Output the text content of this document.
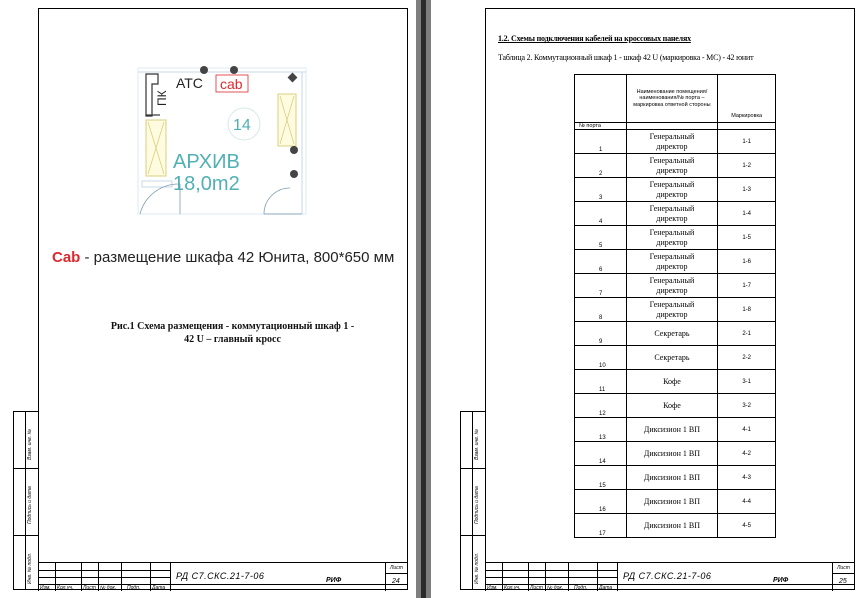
Взам. инв. №
Подпись и дата
Инв. № подл.
ПК
АТС cab
14
АРХИВ
18,0m2
Cab - размещение шкафа 42 Юнита, 800*650 мм
Рис.1 Схема размещения - коммутационный шкаф 1 -
42 U – главный кросс
Изм. Кол.уч. Лист № док. Подп. Дата
РД С7.СКС.21-7-06	РИФ
Лист
24
Взам. инв. №
Подпись и дата
Инв. № подл.
1.2. Схемы подключения кабелей на кроссовых панелях
Таблица 2. Коммутационный шкаф 1 - шкаф 42 U (маркировка - МС) - 42 юнит
	Наименование помещения/наименования/№ порта – маркировка ответной стороны	Маркировка
№ порта		

1	Генеральный директор	1-1

2	Генеральный директор	1-2

3	Генеральный директор	1-3

4	Генеральный директор	1-4

5	Генеральный директор	1-5

6	Генеральный директор	1-6

7	Генеральный директор	1-7

8	Генеральный директор	1-8

9	Секретарь	2-1

10	Секретарь	2-2

11	Кофе	3-1

12	Кофе	3-2

13	Диксизион 1 ВП	4-1

14	Диксизион 1 ВП	4-2

15	Диксизион 1 ВП	4-3

16	Диксизион 1 ВП	4-4

17	Диксизион 1 ВП	4-5
Изм. Кол.уч. Лист № док. Подп. Дата
РД С7.СКС.21-7-06	РИФ
Лист
25
